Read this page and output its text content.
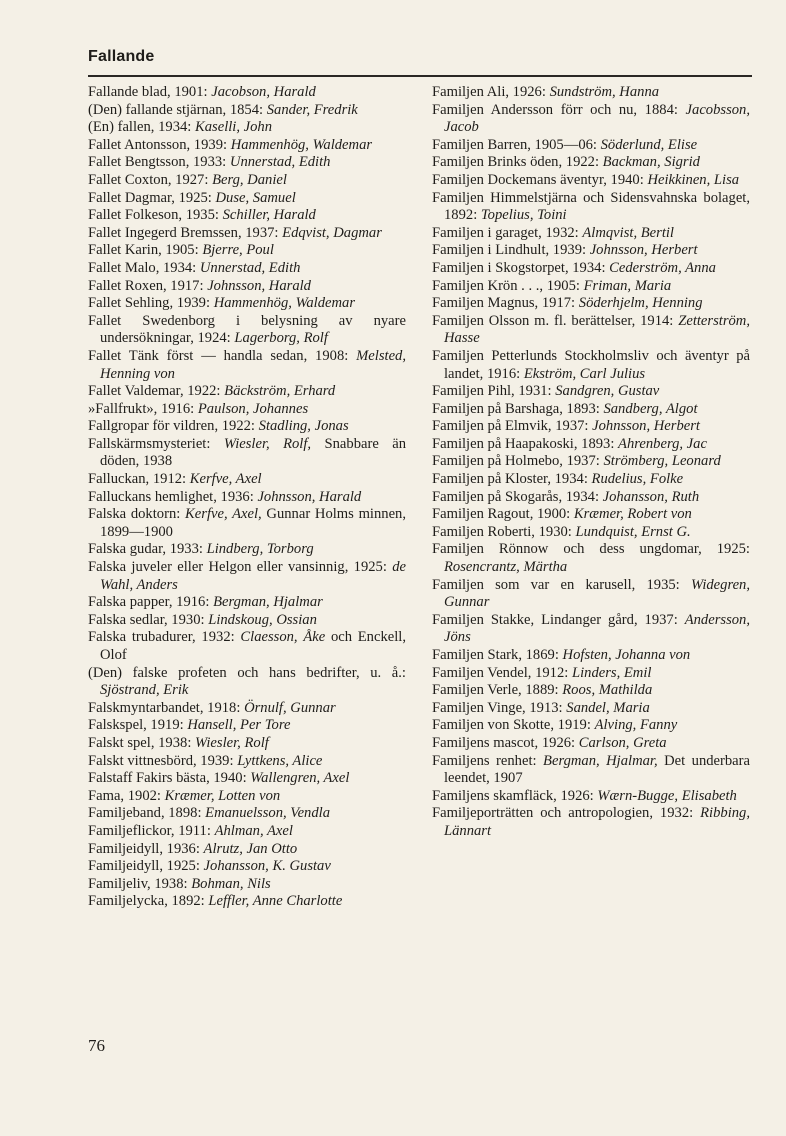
Fallande
Fallande blad, 1901: Jacobson, Harald
(Den) fallande stjärnan, 1854: Sander, Fredrik
(En) fallen, 1934: Kaselli, John
Fallet Antonsson, 1939: Hammenhög, Waldemar
Fallet Bengtsson, 1933: Unnerstad, Edith
Fallet Coxton, 1927: Berg, Daniel
Fallet Dagmar, 1925: Duse, Samuel
Fallet Folkeson, 1935: Schiller, Harald
Fallet Ingegerd Bremssen, 1937: Edqvist, Dagmar
Fallet Karin, 1905: Bjerre, Poul
Fallet Malo, 1934: Unnerstad, Edith
Fallet Roxen, 1917: Johnsson, Harald
Fallet Sehling, 1939: Hammenhög, Waldemar
Fallet Swedenborg i belysning av nyare undersökningar, 1924: Lagerborg, Rolf
Fallet Tänk först — handla sedan, 1908: Melsted, Henning von
Fallet Valdemar, 1922: Bäckström, Erhard
»Fallfrukt», 1916: Paulson, Johannes
Fallgropar för vildren, 1922: Stadling, Jonas
Fallskärmsmysteriet: Wiesler, Rolf, Snabbare än döden, 1938
Falluckan, 1912: Kerfve, Axel
Falluckans hemlighet, 1936: Johnsson, Harald
Falska doktorn: Kerfve, Axel, Gunnar Holms minnen, 1899—1900
Falska gudar, 1933: Lindberg, Torborg
Falska juveler eller Helgon eller vansinnig, 1925: de Wahl, Anders
Falska papper, 1916: Bergman, Hjalmar
Falska sedlar, 1930: Lindskoug, Ossian
Falska trubadurer, 1932: Claesson, Åke och Enckell, Olof
(Den) falske profeten och hans bedrifter, u. å.: Sjöstrand, Erik
Falskmyntarbandet, 1918: Örnulf, Gunnar
Falskspel, 1919: Hansell, Per Tore
Falskt spel, 1938: Wiesler, Rolf
Falskt vittnesbörd, 1939: Lyttkens, Alice
Falstaff Fakirs bästa, 1940: Wallengren, Axel
Fama, 1902: Kræmer, Lotten von
Familjeband, 1898: Emanuelsson, Vendla
Familjeflickor, 1911: Ahlman, Axel
Familjeidyll, 1936: Alrutz, Jan Otto
Familjeidyll, 1925: Johansson, K. Gustav
Familjeliv, 1938: Bohman, Nils
Familjelycka, 1892: Leffler, Anne Charlotte
Familjen Ali, 1926: Sundström, Hanna
Familjen Andersson förr och nu, 1884: Jacobsson, Jacob
Familjen Barren, 1905—06: Söderlund, Elise
Familjen Brinks öden, 1922: Backman, Sigrid
Familjen Dockemans äventyr, 1940: Heikkinen, Lisa
Familjen Himmelstjärna och Sidensvahnska bolaget, 1892: Topelius, Toini
Familjen i garaget, 1932: Almqvist, Bertil
Familjen i Lindhult, 1939: Johnsson, Herbert
Familjen i Skogstorpet, 1934: Cederström, Anna
Familjen Krön . . ., 1905: Friman, Maria
Familjen Magnus, 1917: Söderhjelm, Henning
Familjen Olsson m. fl. berättelser, 1914: Zetterström, Hasse
Familjen Petterlunds Stockholmsliv och äventyr på landet, 1916: Ekström, Carl Julius
Familjen Pihl, 1931: Sandgren, Gustav
Familjen på Barshaga, 1893: Sandberg, Algot
Familjen på Elmvik, 1937: Johnsson, Herbert
Familjen på Haapakoski, 1893: Ahrenberg, Jac
Familjen på Holmebo, 1937: Strömberg, Leonard
Familjen på Kloster, 1934: Rudelius, Folke
Familjen på Skogarås, 1934: Johansson, Ruth
Familjen Ragout, 1900: Kræmer, Robert von
Familjen Roberti, 1930: Lundquist, Ernst G.
Familjen Rönnow och dess ungdomar, 1925: Rosencrantz, Märtha
Familjen som var en karusell, 1935: Widegren, Gunnar
Familjen Stakke, Lindanger gård, 1937: Andersson, Jöns
Familjen Stark, 1869: Hofsten, Johanna von
Familjen Vendel, 1912: Linders, Emil
Familjen Verle, 1889: Roos, Mathilda
Familjen Vinge, 1913: Sandel, Maria
Familjen von Skotte, 1919: Alving, Fanny
Familjens mascot, 1926: Carlson, Greta
Familjens renhet: Bergman, Hjalmar, Det underbara leendet, 1907
Familjens skamfläck, 1926: Wærn-Bugge, Elisabeth
Familjeporträtten och antropologien, 1932: Ribbing, Lännart
76
